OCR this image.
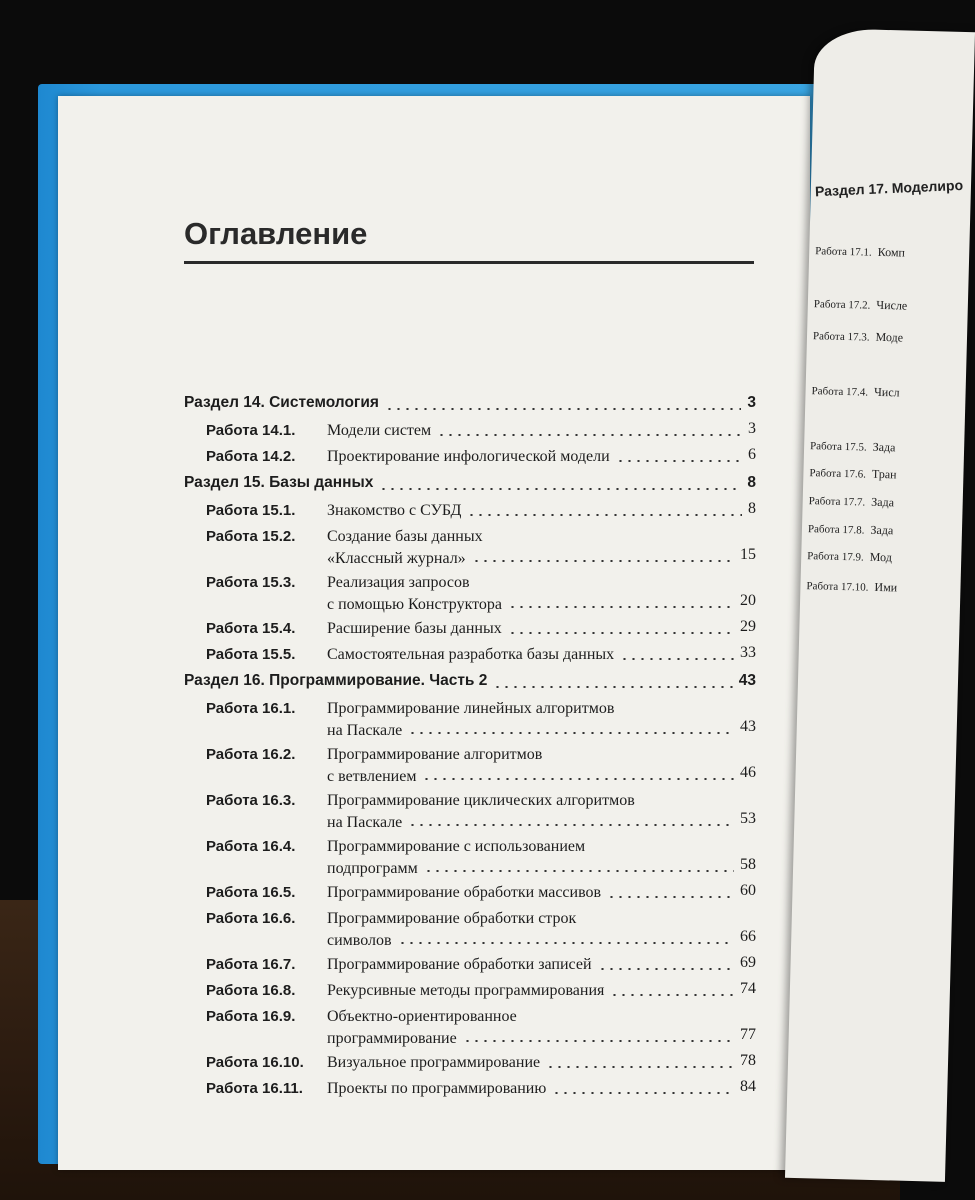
Оглавление
Раздел 14. Системология	3
Работа 14.1. Модели систем	3
Работа 14.2. Проектирование инфологической модели	6
Раздел 15. Базы данных	8
Работа 15.1. Знакомство с СУБД	8
Работа 15.2. Создание базы данных
«Классный журнал»	15
Работа 15.3. Реализация запросов
с помощью Конструктора	20
Работа 15.4. Расширение базы данных	29
Работа 15.5. Самостоятельная разработка базы данных	33
Раздел 16. Программирование. Часть 2	43
Работа 16.1. Программирование линейных алгоритмов
на Паскале	43
Работа 16.2. Программирование алгоритмов
с ветвлением	46
Работа 16.3. Программирование циклических алгоритмов
на Паскале	53
Работа 16.4. Программирование с использованием
подпрограмм	58
Работа 16.5. Программирование обработки массивов	60
Работа 16.6. Программирование обработки строк
символов	66
Работа 16.7. Программирование обработки записей	69
Работа 16.8. Рекурсивные методы программирования	74
Работа 16.9. Объектно-ориентированное
программирование	77
Работа 16.10. Визуальное программирование	78
Работа 16.11. Проекты по программированию	84
Раздел 17. Моделиро
Работа 17.1. Комп
Работа 17.2. Числе
Работа 17.3. Моде
Работа 17.4. Числ
Работа 17.5. Зада
Работа 17.6. Тран
Работа 17.7. Зада
Работа 17.8. Зада
Работа 17.9. Мод
Работа 17.10. Ими
